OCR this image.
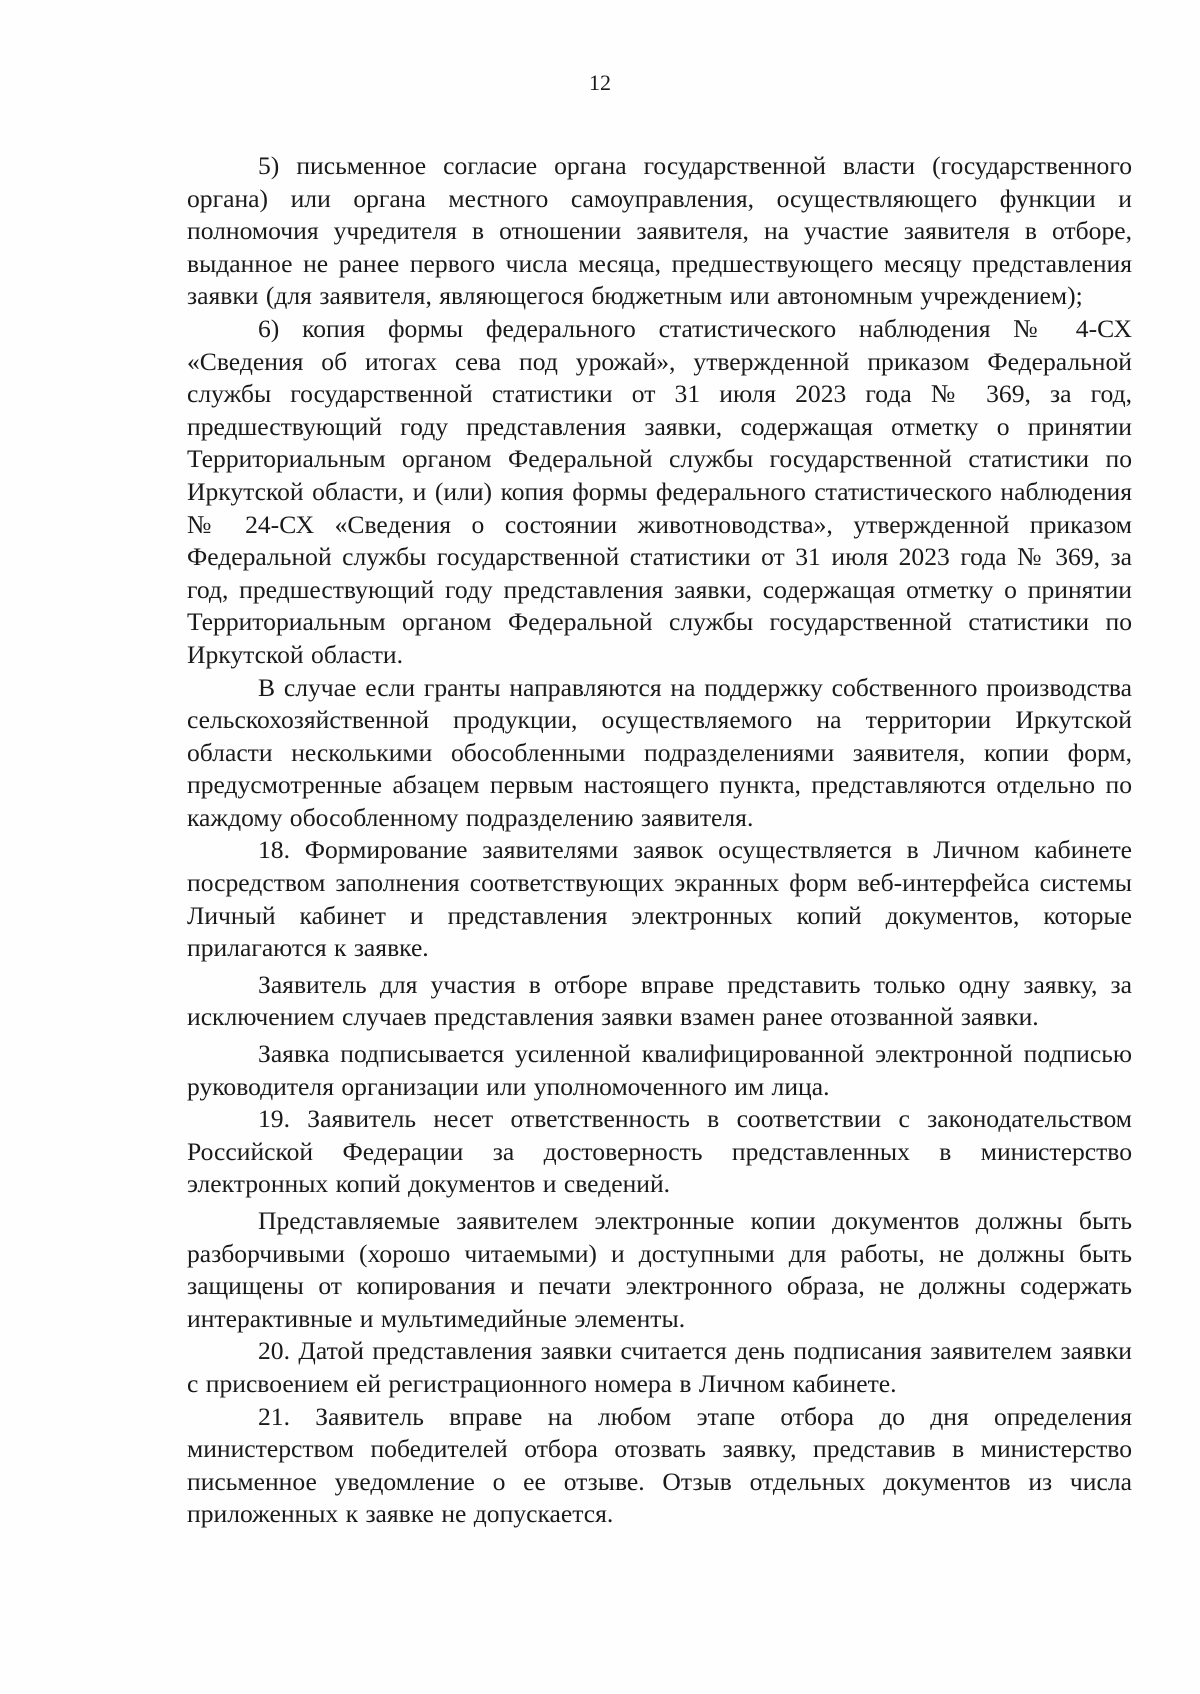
12

5) письменное согласие органа государственной власти (государственного органа) или органа местного самоуправления, осуществляющего функции и полномочия учредителя в отношении заявителя, на участие заявителя в отборе, выданное не ранее первого числа месяца, предшествующего месяцу представления заявки (для заявителя, являющегося бюджетным или автономным учреждением);

6) копия формы федерального статистического наблюдения № 4-СХ «Сведения об итогах сева под урожай», утвержденной приказом Федеральной службы государственной статистики от 31 июля 2023 года № 369, за год, предшествующий году представления заявки, содержащая отметку о принятии Территориальным органом Федеральной службы государственной статистики по Иркутской области, и (или) копия формы федерального статистического наблюдения № 24-СХ «Сведения о состоянии животноводства», утвержденной приказом Федеральной службы государственной статистики от 31 июля 2023 года № 369, за год, предшествующий году представления заявки, содержащая отметку о принятии Территориальным органом Федеральной службы государственной статистики по Иркутской области.

В случае если гранты направляются на поддержку собственного производства сельскохозяйственной продукции, осуществляемого на территории Иркутской области несколькими обособленными подразделениями заявителя, копии форм, предусмотренные абзацем первым настоящего пункта, представляются отдельно по каждому обособленному подразделению заявителя.

18. Формирование заявителями заявок осуществляется в Личном кабинете посредством заполнения соответствующих экранных форм веб-интерфейса системы Личный кабинет и представления электронных копий документов, которые прилагаются к заявке.

Заявитель для участия в отборе вправе представить только одну заявку, за исключением случаев представления заявки взамен ранее отозванной заявки.

Заявка подписывается усиленной квалифицированной электронной подписью руководителя организации или уполномоченного им лица.

19. Заявитель несет ответственность в соответствии с законодательством Российской Федерации за достоверность представленных в министерство электронных копий документов и сведений.

Представляемые заявителем электронные копии документов должны быть разборчивыми (хорошо читаемыми) и доступными для работы, не должны быть защищены от копирования и печати электронного образа, не должны содержать интерактивные и мультимедийные элементы.

20. Датой представления заявки считается день подписания заявителем заявки с присвоением ей регистрационного номера в Личном кабинете.

21. Заявитель вправе на любом этапе отбора до дня определения министерством победителей отбора отозвать заявку, представив в министерство письменное уведомление о ее отзыве. Отзыв отдельных документов из числа приложенных к заявке не допускается.
